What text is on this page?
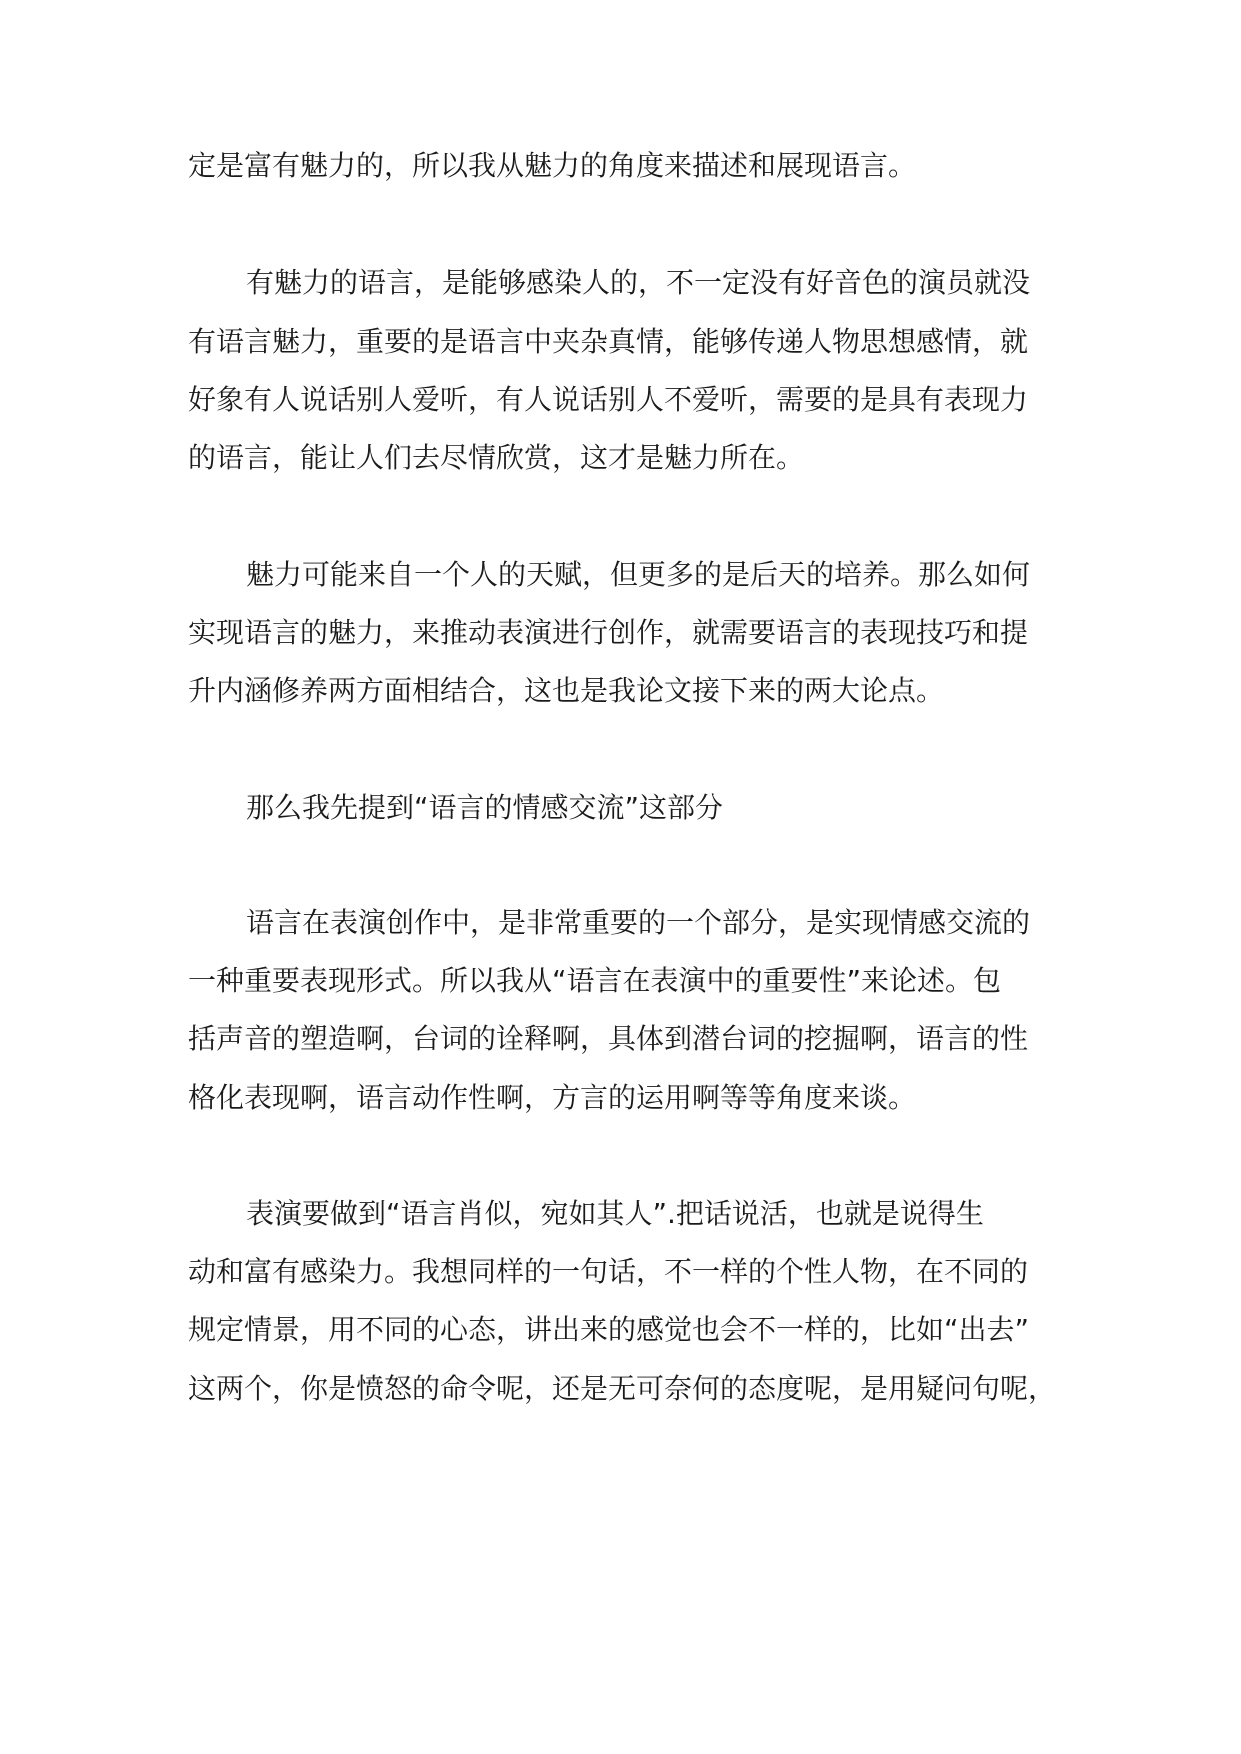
定是富有魅力的，所以我从魅力的角度来描述和展现语言。
有魅力的语言，是能够感染人的，不一定没有好音色的演员就没
有语言魅力，重要的是语言中夹杂真情，能够传递人物思想感情，就
好象有人说话别人爱听，有人说话别人不爱听，需要的是具有表现力
的语言，能让人们去尽情欣赏，这才是魅力所在。
魅力可能来自一个人的天赋，但更多的是后天的培养。那么如何
实现语言的魅力，来推动表演进行创作，就需要语言的表现技巧和提
升内涵修养两方面相结合，这也是我论文接下来的两大论点。
那么我先提到“语言的情感交流”这部分
语言在表演创作中，是非常重要的一个部分，是实现情感交流的
一种重要表现形式。所以我从“语言在表演中的重要性”来论述。包
括声音的塑造啊，台词的诠释啊，具体到潜台词的挖掘啊，语言的性
格化表现啊，语言动作性啊，方言的运用啊等等角度来谈。
表演要做到“语言肖似，宛如其人”.把话说活，也就是说得生
动和富有感染力。我想同样的一句话，不一样的个性人物，在不同的
规定情景，用不同的心态，讲出来的感觉也会不一样的，比如“出去”
这两个，你是愤怒的命令呢，还是无可奈何的态度呢，是用疑问句呢，
